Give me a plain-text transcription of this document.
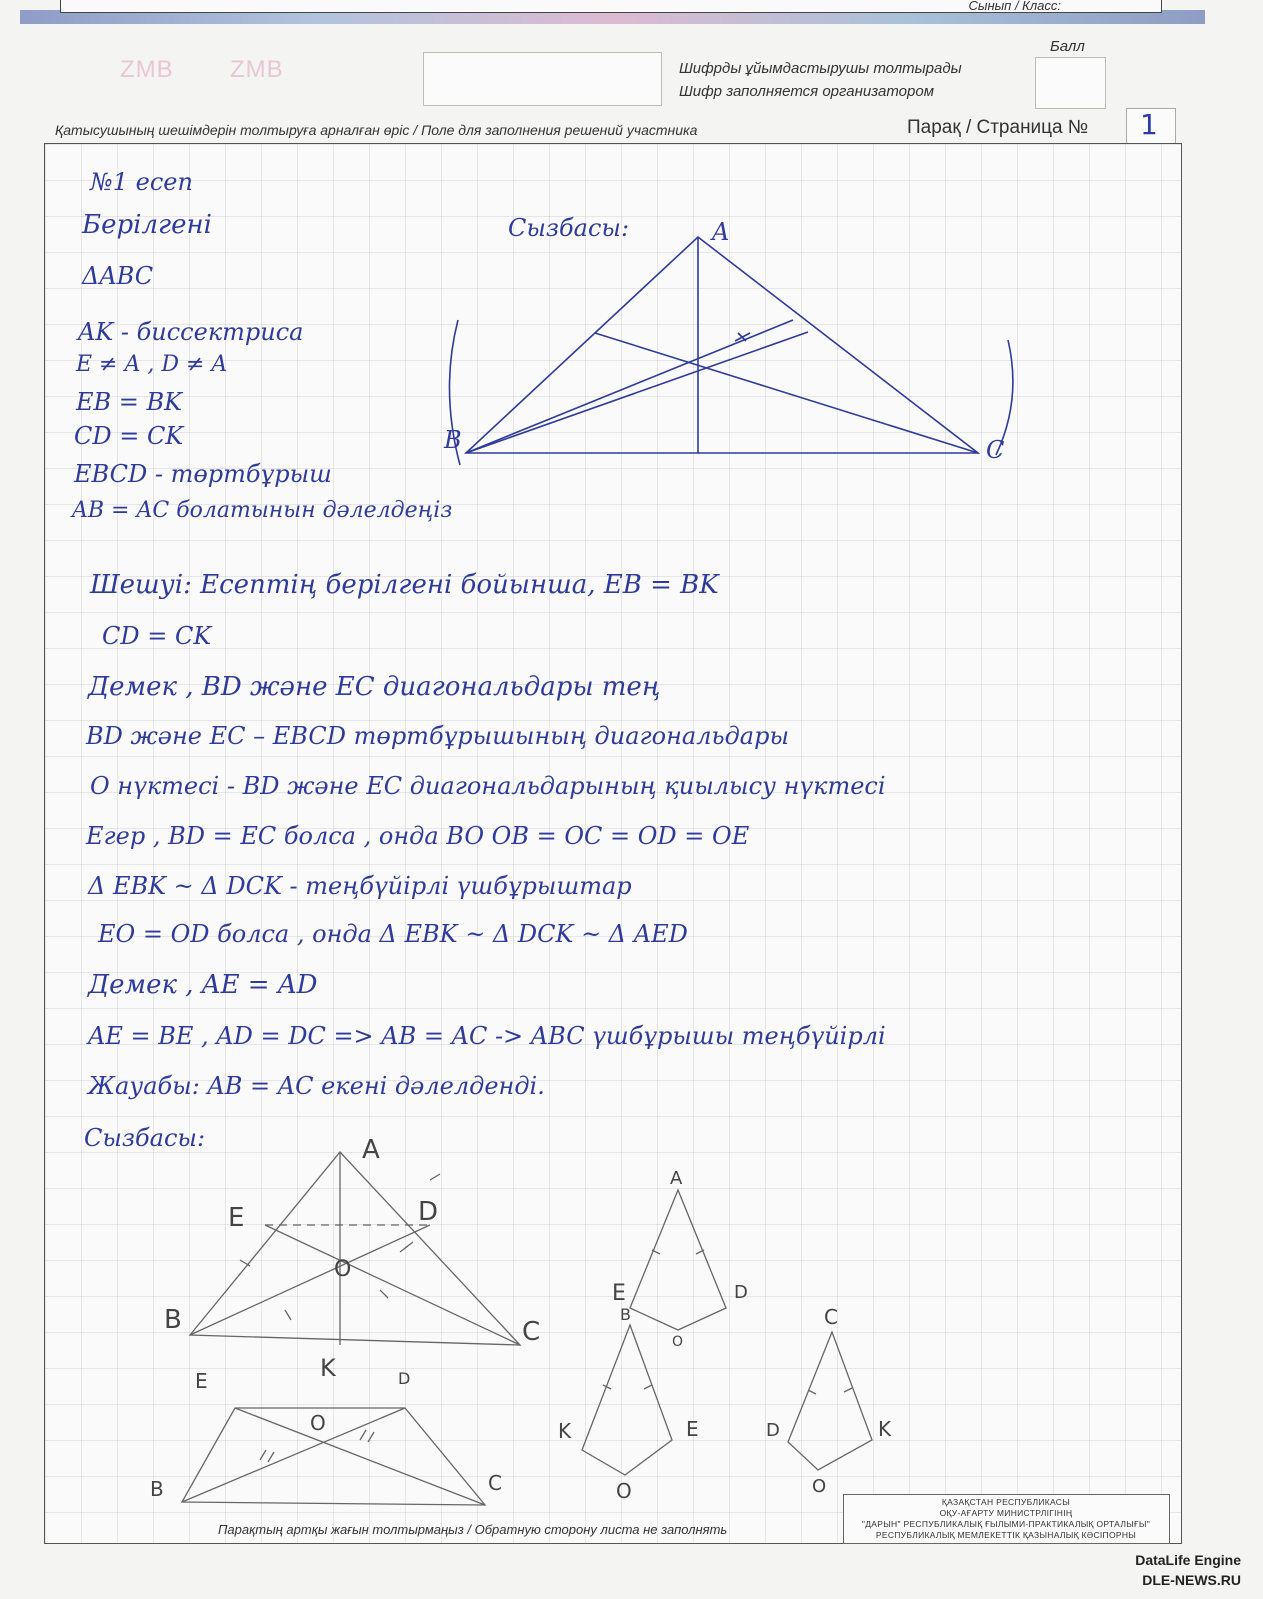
Сынып / Класс:
ZMB ZMB	Шифрды ұйымдастырушы толтырады
Шифр заполняется организатором
Балл
Қатысушының шешімдерін толтыруға арналған өріс / Поле для заполнения решений участника	Парақ / Страница № 1
№1 есеп
Берілгені
ΔABC
AK - биссектриса
E ≠ A , D ≠ A
EB = BK
CD = CK
EBCD - төртбұрыш
AB = AC болатынын дәлелдеңіз
Сызбасы:	A
B	C
Шешуі: Есептің берілгені бойынша, EB = BK
CD = CK
Демек , BD және EC диагональдары тең
BD және EC – EBCD төртбұрышының диагональдары
O нүктесі - BD және EC диагональдарының қиылысу нүктесі
Егер , BD = EC болса , онда BO OB = OC = OD = OE
Δ EBK ~ Δ DCK - теңбүйірлі үшбұрыштар
EO = OD болса , онда Δ EBK ~ Δ DCK ~ Δ AED
Демек , AE = AD
AE = BE , AD = DC => AB = AC -> ABC үшбұрышы теңбүйірлі
Жауабы: AB = AC екені дәлелденді.
Сызбасы:	A
B	C
E	D
O
E	K	D
O
B	C
A
E	D
O
B
K	E
O
C
D	K
O
Парақтың артқы жағын толтырмаңыз / Обратную сторону листа не заполнять
ҚАЗАҚСТАН РЕСПУБЛИКАСЫ
ОҚУ-АҒАРТУ МИНИСТРЛІГІНІҢ
"ДАРЫН" РЕСПУБЛИКАЛЫҚ ҒЫЛЫМИ-ПРАКТИКАЛЫҚ ОРТАЛЫҒЫ"
РЕСПУБЛИКАЛЫҚ МЕМЛЕКЕТТІК ҚАЗЫНАЛЫҚ КӘСІПОРНЫ
DataLife Engine
DLE-NEWS.RU
